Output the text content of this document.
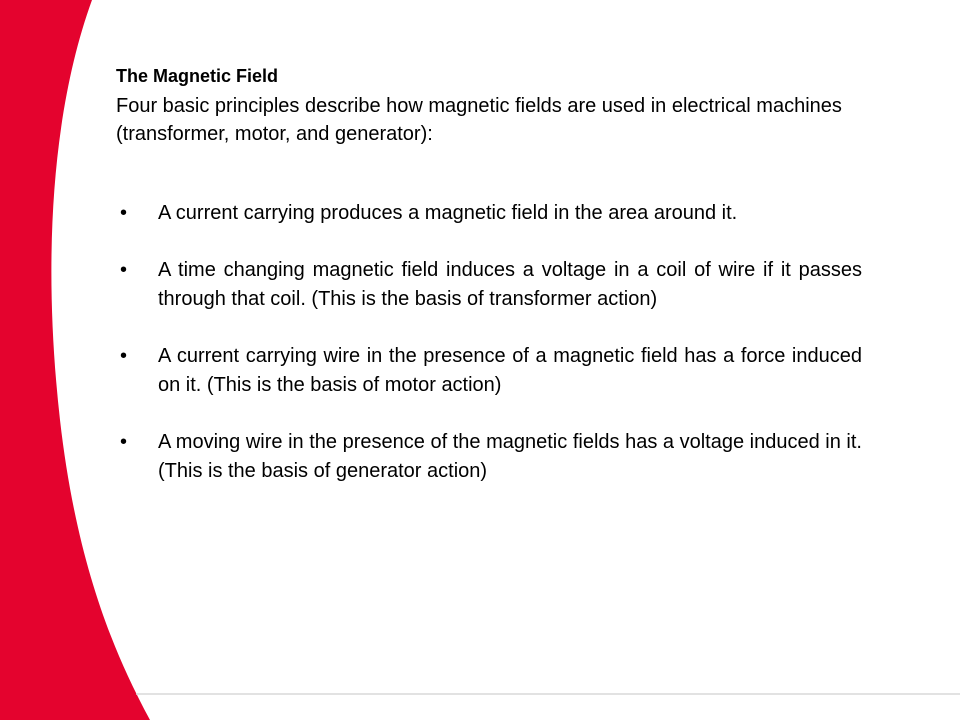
The Magnetic Field

Four basic principles describe how magnetic fields are used in electrical machines (transformer, motor, and generator):

• A current carrying produces a magnetic field in the area around it.
• A time changing magnetic field induces a voltage in a coil of wire if it passes through that coil. (This is the basis of transformer action)
• A current carrying wire in the presence of a magnetic field has a force induced on it. (This is the basis of motor action)
• A moving wire in the presence of the magnetic fields has a voltage induced in it. (This is the basis of generator action)
